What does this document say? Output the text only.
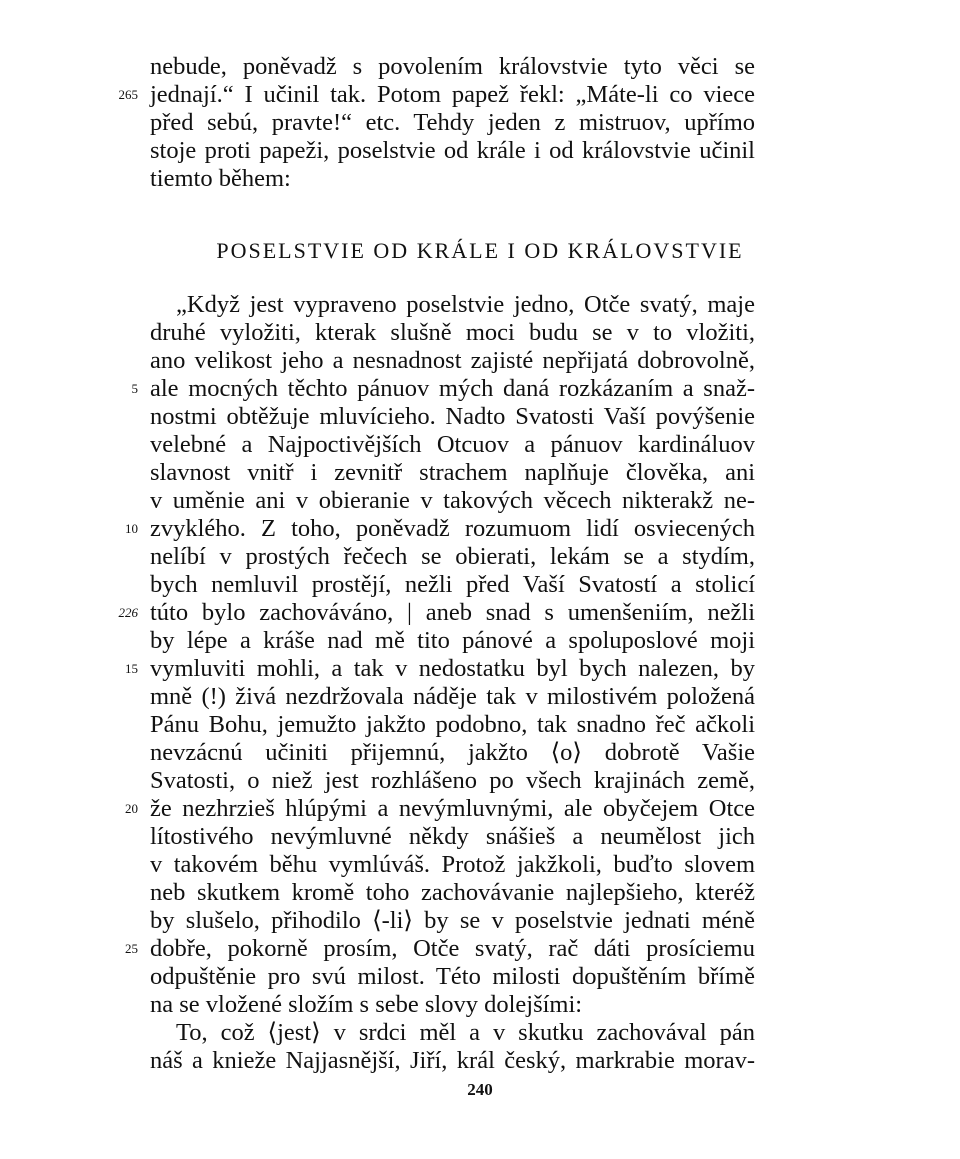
nebude, poněvadž s povolením královstvie tyto věci se
jednají.“ I učinil tak. Potom papež řekl: „Máte-li co viece
před sebú, pravte!“ etc. Tehdy jeden z mistruov, upřímo
stoje proti papeži, poselstvie od krále i od královstvie učinil
tiemto během:
265
POSELSTVIE OD KRÁLE I OD KRÁLOVSTVIE
„Když jest vypraveno poselstvie jedno, Otče svatý, maje
druhé vyložiti, kterak slušně moci budu se v to vložiti,
ano velikost jeho a nesnadnost zajisté nepřijatá dobrovolně,
ale mocných těchto pánuov mých daná rozkázaním a snaž-
nostmi obtěžuje mluvícieho. Nadto Svatosti Vaší povýšenie
velebné a Najpoctivějších Otcuov a pánuov kardináluov
slavnost vnitř i zevnitř strachem naplňuje člověka, ani
v uměnie ani v obieranie v takových věcech nikterakž ne-
zvyklého. Z toho, poněvadž rozumuom lidí osviecených
nelíbí v prostých řečech se obierati, lekám se a stydím,
bych nemluvil prostějí, nežli před Vaší Svatostí a stolicí
túto bylo zachováváno, | aneb snad s umenšeniím, nežli
by lépe a kráše nad mě tito pánové a spoluposlové moji
vymluviti mohli, a tak v nedostatku byl bych nalezen, by
mně (!) živá nezdržovala náděje tak v milostivém položená
Pánu Bohu, jemužto jakžto podobno, tak snadno řeč ačkoli
nevzácnú učiniti přijemnú, jakžto ⟨o⟩ dobrotě Vašie
Svatosti, o niež jest rozhlášeno po všech krajinách země,
že nezhrzieš hlúpými a nevýmluvnými, ale obyčejem Otce
lítostivého nevýmluvné někdy snášieš a neumělost jich
v takovém běhu vymlúváš. Protož jakžkoli, buďto slovem
neb skutkem kromě toho zachovávanie najlepšieho, kteréž
by slušelo, přihodilo ⟨-li⟩ by se v poselstvie jednati méně
dobře, pokorně prosím, Otče svatý, rač dáti prosíciemu
odpuštěnie pro svú milost. Této milosti dopuštěním břímě
na se vložené složím s sebe slovy dolejšími:
To, což ⟨jest⟩ v srdci měl a v skutku zachovával pán
náš a knieže Najjasnější, Jiří, král český, markrabie morav-
5
10
226
15
20
25
240
